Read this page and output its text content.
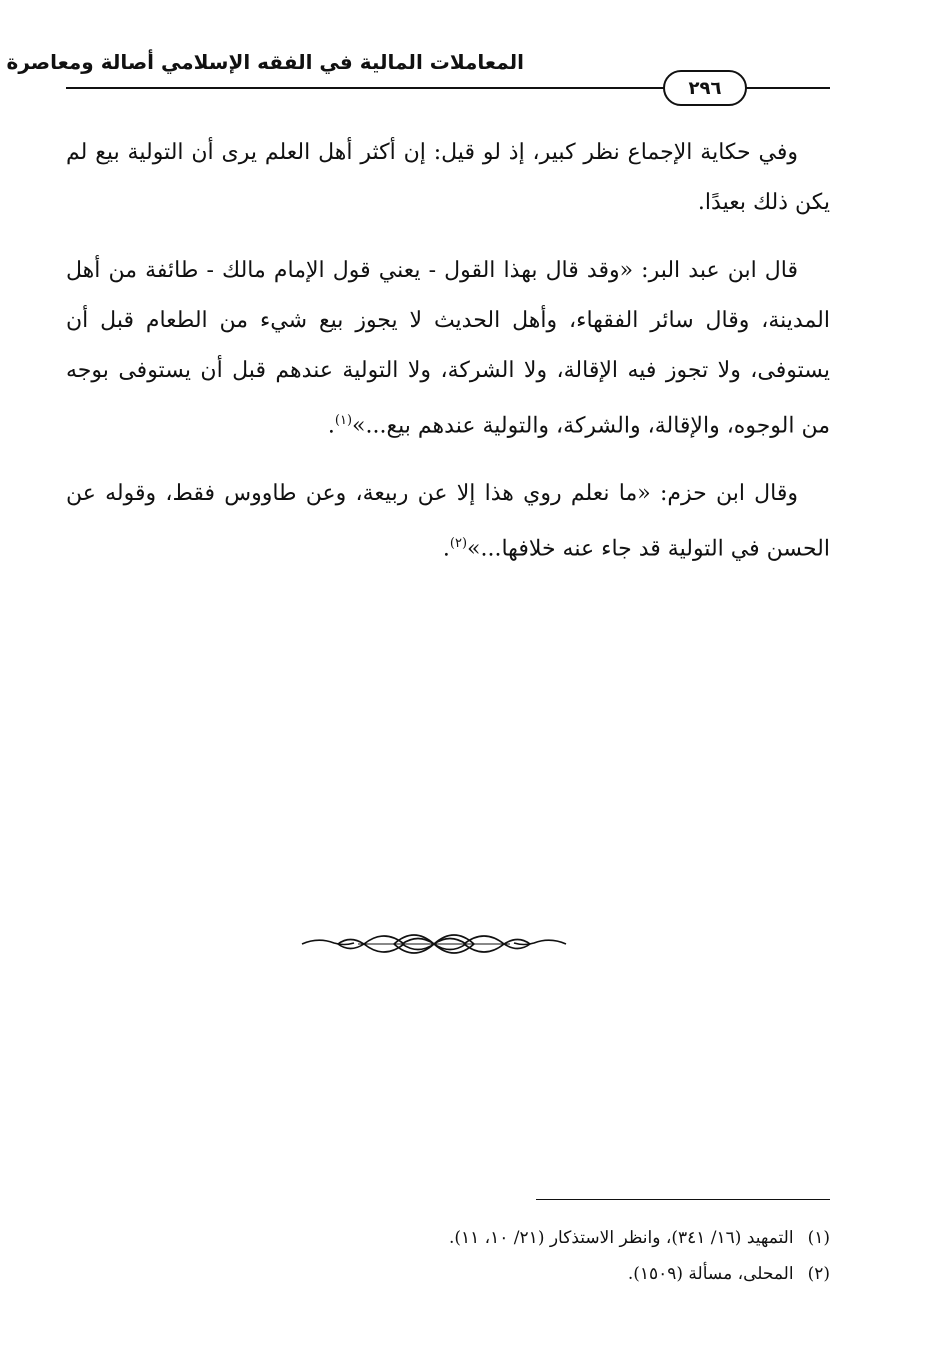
المعاملات المالية في الفقه الإسلامي أصالة ومعاصرة
٢٩٦

وفي حكاية الإجماع نظر كبير، إذ لو قيل: إن أكثر أهل العلم يرى أن التولية بيع لم يكن ذلك بعيدًا.

قال ابن عبد البر: «وقد قال بهذا القول - يعني قول الإمام مالك - طائفة من أهل المدينة، وقال سائر الفقهاء، وأهل الحديث لا يجوز بيع شيء من الطعام قبل أن يستوفى، ولا تجوز فيه الإقالة، ولا الشركة، ولا التولية عندهم قبل أن يستوفى بوجه من الوجوه، والإقالة، والشركة، والتولية عندهم بيع...»$^{(١)}$.

وقال ابن حزم: «ما نعلم روي هذا إلا عن ربيعة، وعن طاووس فقط، وقوله عن الحسن في التولية قد جاء عنه خلافها...»$^{(٢)}$.

(١)
التمهيد (١٦/ ٣٤١)، وانظر الاستذكار (٢١/ ١٠، ١١).
(٢)
المحلى، مسألة (١٥٠٩).
